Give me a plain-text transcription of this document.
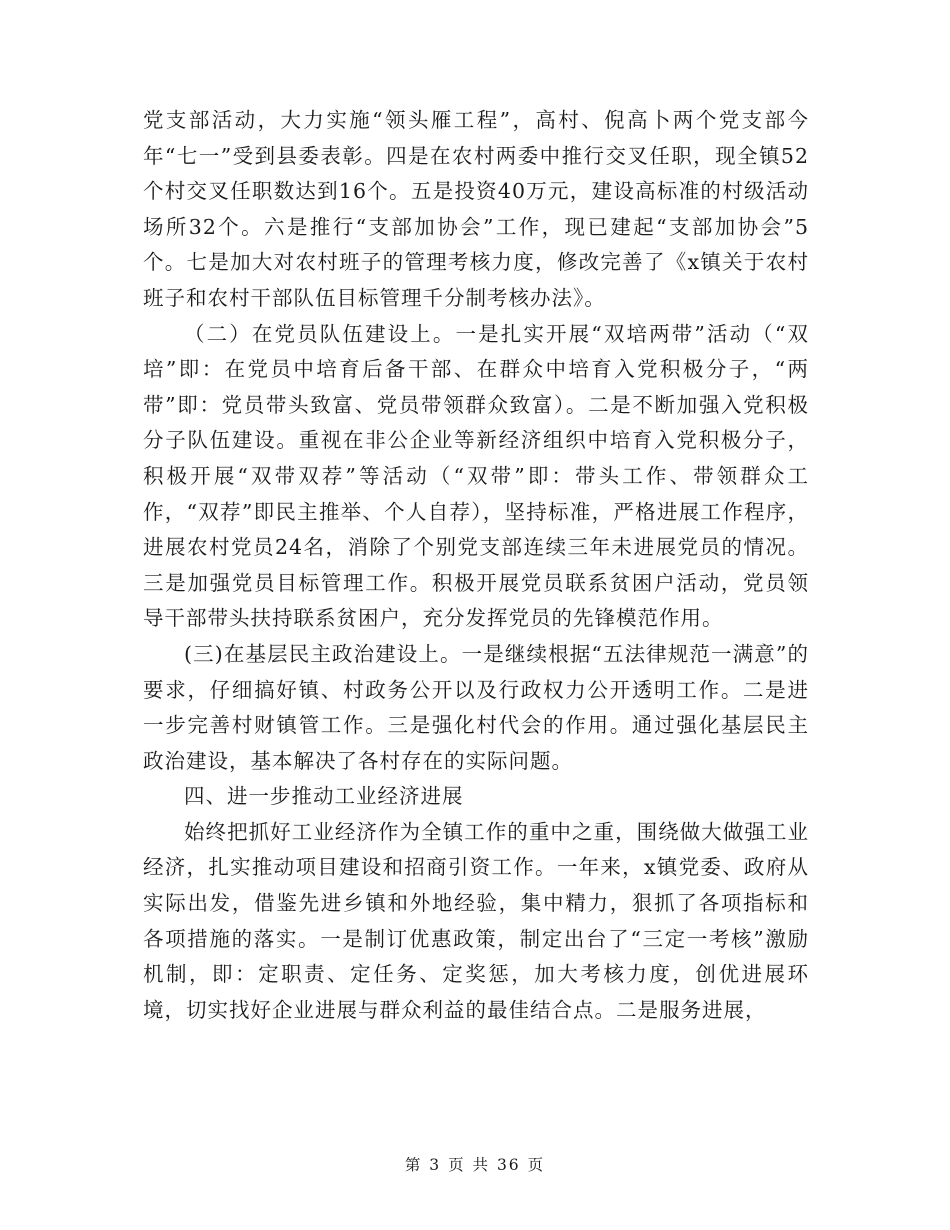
党支部活动，大力实施“领头雁工程”，高村、倪高卜两个党支部今年“七一”受到县委表彰。四是在农村两委中推行交叉任职，现全镇52个村交叉任职数达到16个。五是投资40万元，建设高标准的村级活动场所32个。六是推行“支部加协会”工作，现已建起“支部加协会”5个。七是加大对农村班子的管理考核力度，修改完善了《x镇关于农村班子和农村干部队伍目标管理千分制考核办法》。

（二）在党员队伍建设上。一是扎实开展“双培两带”活动（“双培”即：在党员中培育后备干部、在群众中培育入党积极分子，“两带”即：党员带头致富、党员带领群众致富）。二是不断加强入党积极分子队伍建设。重视在非公企业等新经济组织中培育入党积极分子，积极开展“双带双荐”等活动（“双带”即：带头工作、带领群众工作，“双荐”即民主推举、个人自荐），坚持标准，严格进展工作程序，进展农村党员24名，消除了个别党支部连续三年未进展党员的情况。三是加强党员目标管理工作。积极开展党员联系贫困户活动，党员领导干部带头扶持联系贫困户，充分发挥党员的先锋模范作用。

(三)在基层民主政治建设上。一是继续根据“五法律规范一满意”的要求，仔细搞好镇、村政务公开以及行政权力公开透明工作。二是进一步完善村财镇管工作。三是强化村代会的作用。通过强化基层民主政治建设，基本解决了各村存在的实际问题。

四、进一步推动工业经济进展

始终把抓好工业经济作为全镇工作的重中之重，围绕做大做强工业经济，扎实推动项目建设和招商引资工作。一年来，x镇党委、政府从实际出发，借鉴先进乡镇和外地经验，集中精力，狠抓了各项指标和各项措施的落实。一是制订优惠政策，制定出台了“三定一考核”激励机制，即：定职责、定任务、定奖惩，加大考核力度，创优进展环境，切实找好企业进展与群众利益的最佳结合点。二是服务进展，

第 3 页 共 36 页
